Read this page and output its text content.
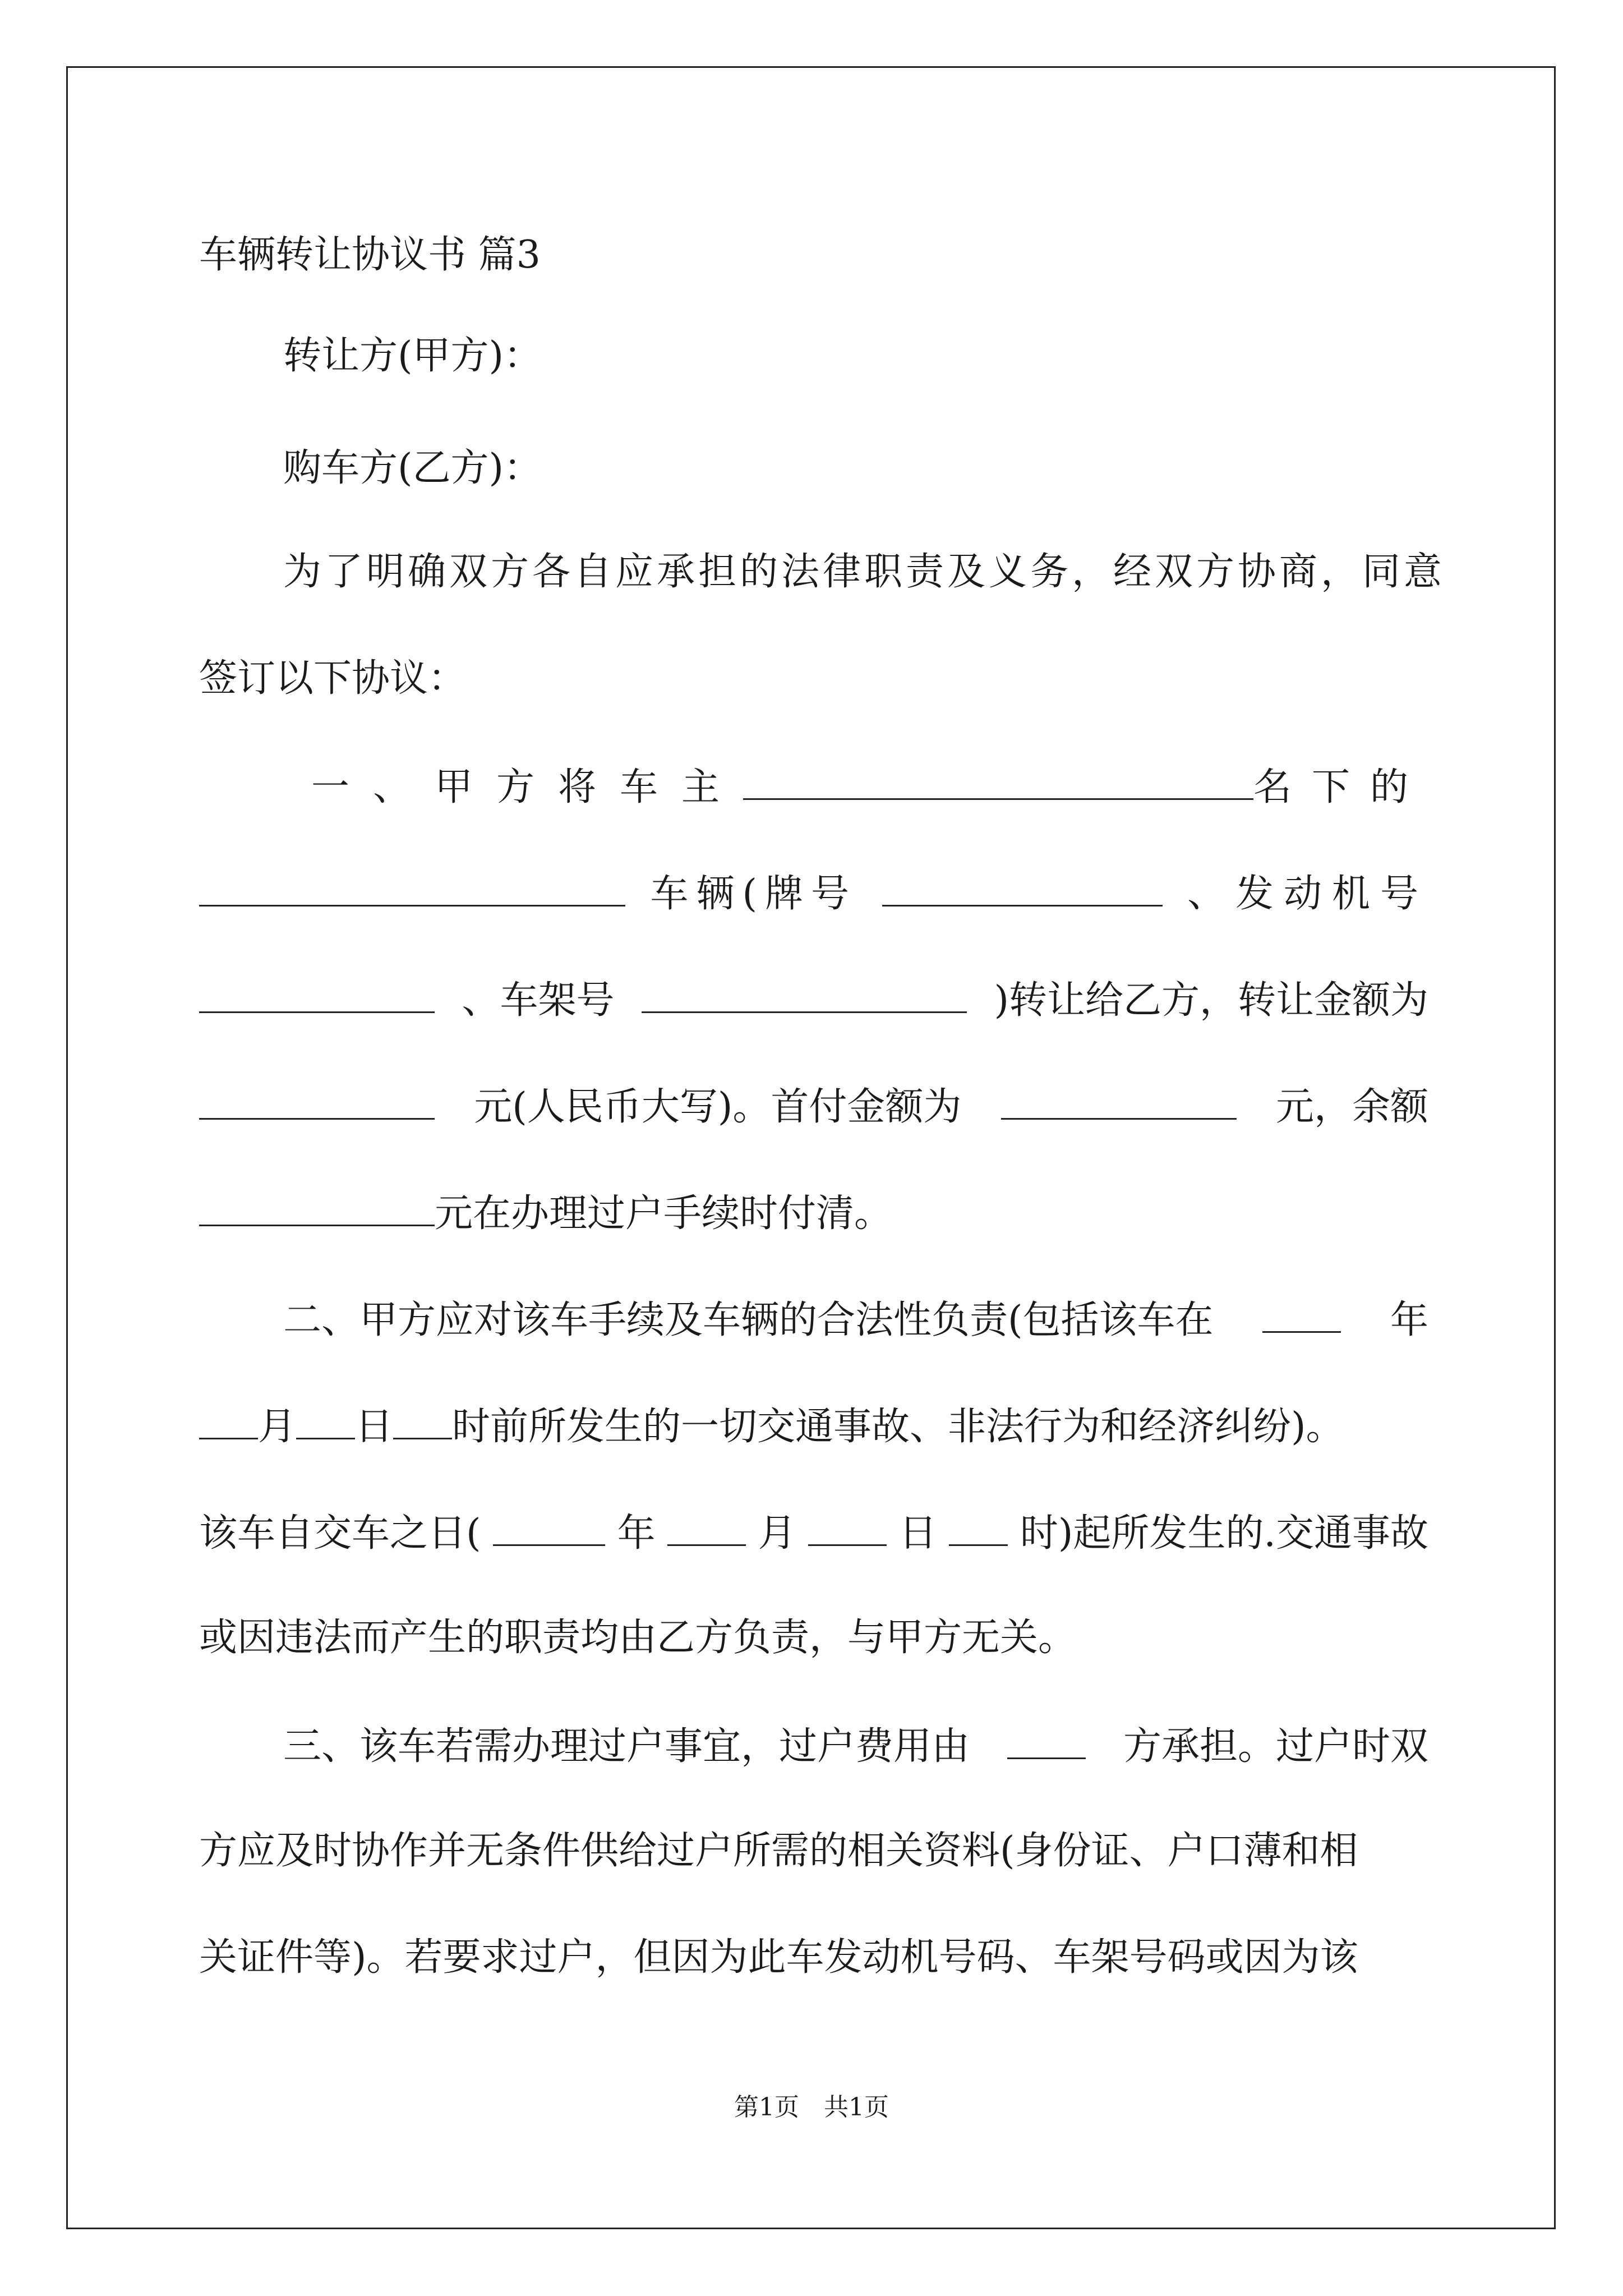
车辆转让协议书 篇3
转让方(甲方)：
购车方(乙方)：
为了明确双方各自应承担的法律职责及义务，经双方协商，同意
签订以下协议：
一、甲方将车主	名下的
车辆(牌号	、发动机号
、车架号	)转让给乙方，转让金额为
元(人民币大写)。首付金额为	元，余额
元在办理过户手续时付清。
二、甲方应对该车手续及车辆的合法性负责(包括该车在	年
月 日 时前所发生的一切交通事故、非法行为和经济纠纷)。
该车自交车之日(	年	月	日 时)起所发生的.交通事故
或因违法而产生的职责均由乙方负责，与甲方无关。
三、该车若需办理过户事宜，过户费用由	方承担。过户时双
方应及时协作并无条件供给过户所需的相关资料(身份证、户口薄和相
关证件等)。若要求过户，但因为此车发动机号码、车架号码或因为该
第1页　共1页
